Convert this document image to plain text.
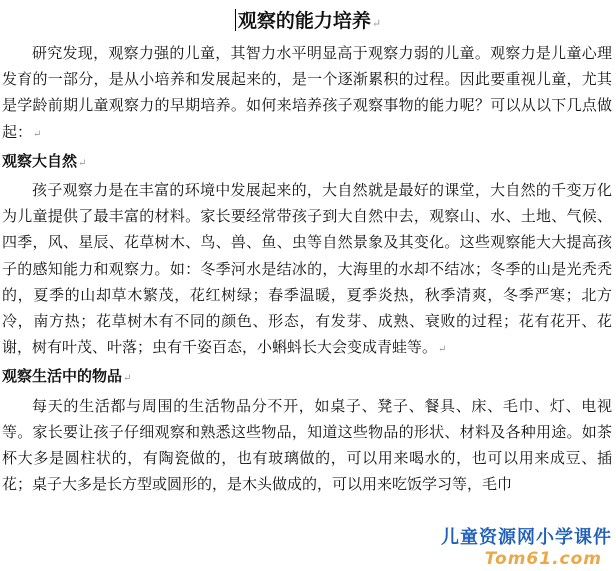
观察的能力培养↵

研究发现，观察力强的儿童，其智力水平明显高于观察力弱的儿童。观察力是儿童心理发育的一部分，是从小培养和发展起来的，是一个逐渐累积的过程。因此要重视儿童，尤其是学龄前期儿童观察力的早期培养。如何来培养孩子观察事物的能力呢？可以从以下几点做起：↵

观察大自然↵

孩子观察力是在丰富的环境中发展起来的，大自然就是最好的课堂，大自然的千变万化为儿童提供了最丰富的材料。家长要经常带孩子到大自然中去，观察山、水、土地、气候、四季，风、星辰、花草树木、鸟、兽、鱼、虫等自然景象及其变化。这些观察能大大提高孩子的感知能力和观察力。如：冬季河水是结冰的，大海里的水却不结冰；冬季的山是光秃秃的，夏季的山却草木繁茂，花红树绿；春季温暖，夏季炎热，秋季清爽，冬季严寒；北方冷，南方热；花草树木有不同的颜色、形态，有发芽、成熟、衰败的过程；花有花开、花谢，树有叶茂、叶落；虫有千姿百态，小蝌蚪长大会变成青蛙等。↵

观察生活中的物品↵

每天的生活都与周围的生活物品分不开，如桌子、凳子、餐具、床、毛巾、灯、电视等。家长要让孩子仔细观察和熟悉这些物品，知道这些物品的形状、材料及各种用途。如茶杯大多是圆柱状的，有陶瓷做的，也有玻璃做的，可以用来喝水的，也可以用来成豆、插花；桌子大多是长方型或圆形的，是木头做成的，可以用来吃饭学习等，毛巾

儿童资源网小学课件
Tom61.com
